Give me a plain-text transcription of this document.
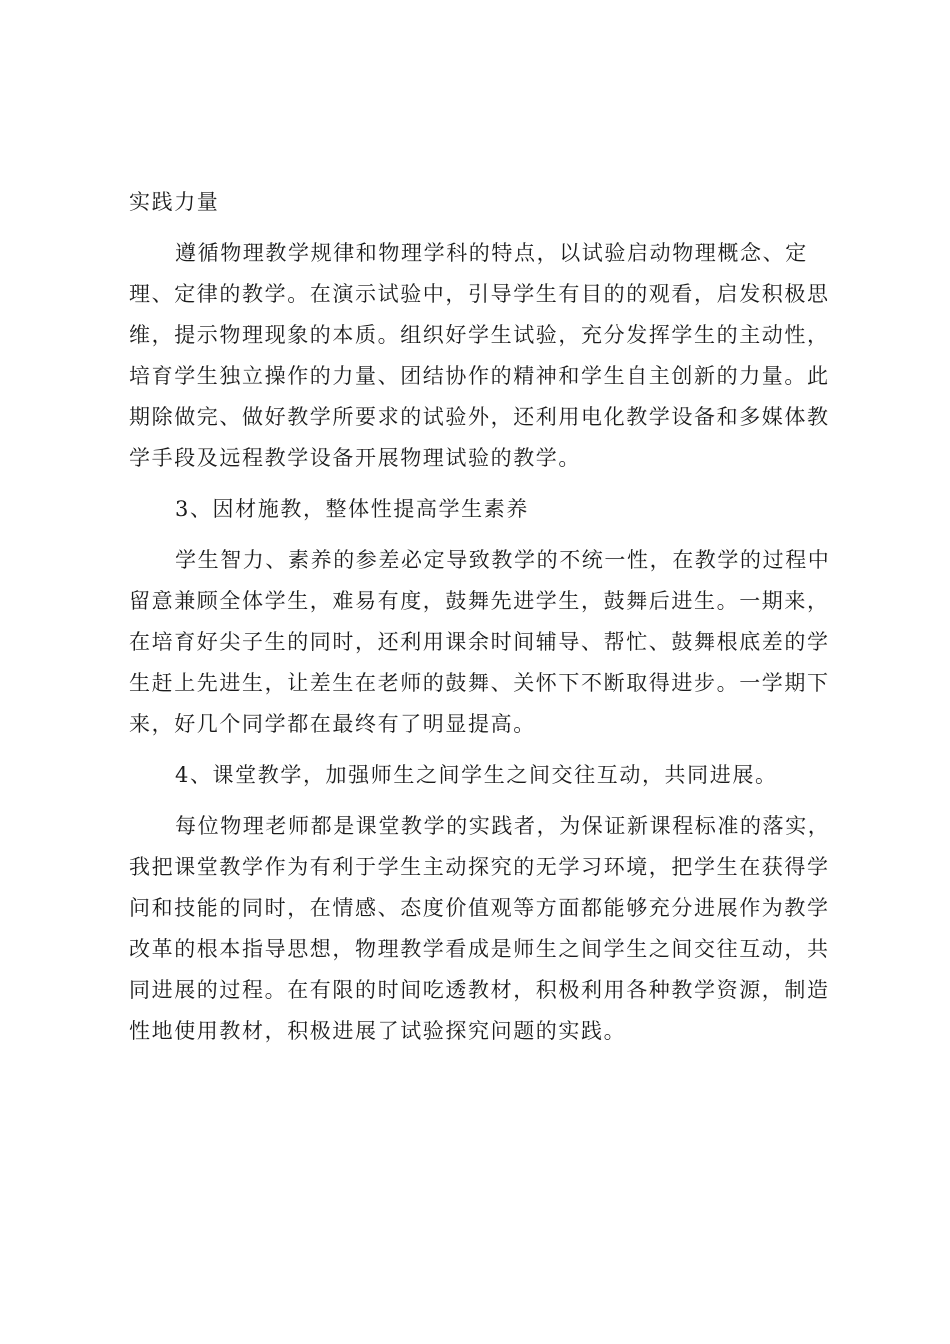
实践力量
遵循物理教学规律和物理学科的特点，以试验启动物理概念、定
理、定律的教学。在演示试验中，引导学生有目的的观看，启发积极思
维，提示物理现象的本质。组织好学生试验，充分发挥学生的主动性，
培育学生独立操作的力量、团结协作的精神和学生自主创新的力量。此
期除做完、做好教学所要求的试验外，还利用电化教学设备和多媒体教
学手段及远程教学设备开展物理试验的教学。
3、因材施教，整体性提高学生素养
学生智力、素养的参差必定导致教学的不统一性，在教学的过程中
留意兼顾全体学生，难易有度，鼓舞先进学生，鼓舞后进生。一期来，
在培育好尖子生的同时，还利用课余时间辅导、帮忙、鼓舞根底差的学
生赶上先进生，让差生在老师的鼓舞、关怀下不断取得进步。一学期下
来，好几个同学都在最终有了明显提高。
4、课堂教学，加强师生之间学生之间交往互动，共同进展。
每位物理老师都是课堂教学的实践者，为保证新课程标准的落实，
我把课堂教学作为有利于学生主动探究的无学习环境，把学生在获得学
问和技能的同时，在情感、态度价值观等方面都能够充分进展作为教学
改革的根本指导思想，物理教学看成是师生之间学生之间交往互动，共
同进展的过程。在有限的时间吃透教材，积极利用各种教学资源，制造
性地使用教材，积极进展了试验探究问题的实践。
